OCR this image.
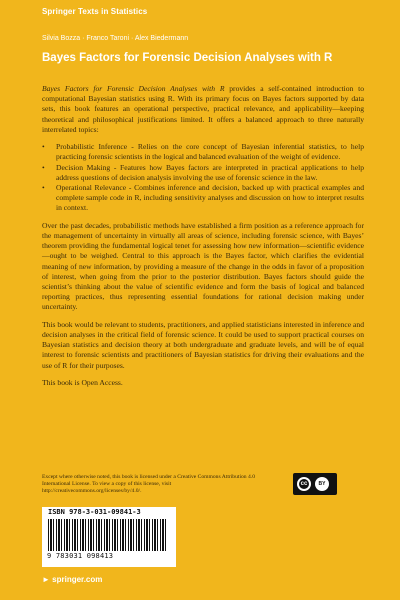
Springer Texts in Statistics
Silvia Bozza · Franco Taroni · Alex Biedermann
Bayes Factors for Forensic Decision Analyses with R

Bayes Factors for Forensic Decision Analyses with R provides a self-contained introduction to computational Bayesian statistics using R. With its primary focus on Bayes factors supported by data sets, this book features an operational perspective, practical relevance, and applicability—keeping theoretical and philosophical justifications limited. It offers a balanced approach to three naturally interrelated topics:

• Probabilistic Inference - Relies on the core concept of Bayesian inferential statistics, to help practicing forensic scientists in the logical and balanced evaluation of the weight of evidence.
• Decision Making - Features how Bayes factors are interpreted in practical applications to help address questions of decision analysis involving the use of forensic science in the law.
• Operational Relevance - Combines inference and decision, backed up with practical examples and complete sample code in R, including sensitivity analyses and discussion on how to interpret results in context.

Over the past decades, probabilistic methods have established a firm position as a reference approach for the management of uncertainty in virtually all areas of science, including forensic science, with Bayes’ theorem providing the fundamental logical tenet for assessing how new information—scientific evidence—ought to be weighed. Central to this approach is the Bayes factor, which clarifies the evidential meaning of new information, by providing a measure of the change in the odds in favor of a proposition of interest, when going from the prior to the posterior distribution. Bayes factors should guide the scientist’s thinking about the value of scientific evidence and form the basis of logical and balanced reporting practices, thus representing essential foundations for rational decision making under uncertainty.

This book would be relevant to students, practitioners, and applied statisticians interested in inference and decision analyses in the critical field of forensic science. It could be used to support practical courses on Bayesian statistics and decision theory at both undergraduate and graduate levels, and will be of equal interest to forensic scientists and practitioners of Bayesian statistics for driving their evaluations and the use of R for their purposes.

This book is Open Access.

Except where otherwise noted, this book is licensed under a Creative Commons Attribution 4.0 International License. To view a copy of this license, visit http://creativecommons.org/licenses/by/4.0/.
cc	BY
ISBN 978-3-031-09841-3
9 783031 098413
► springer.com
